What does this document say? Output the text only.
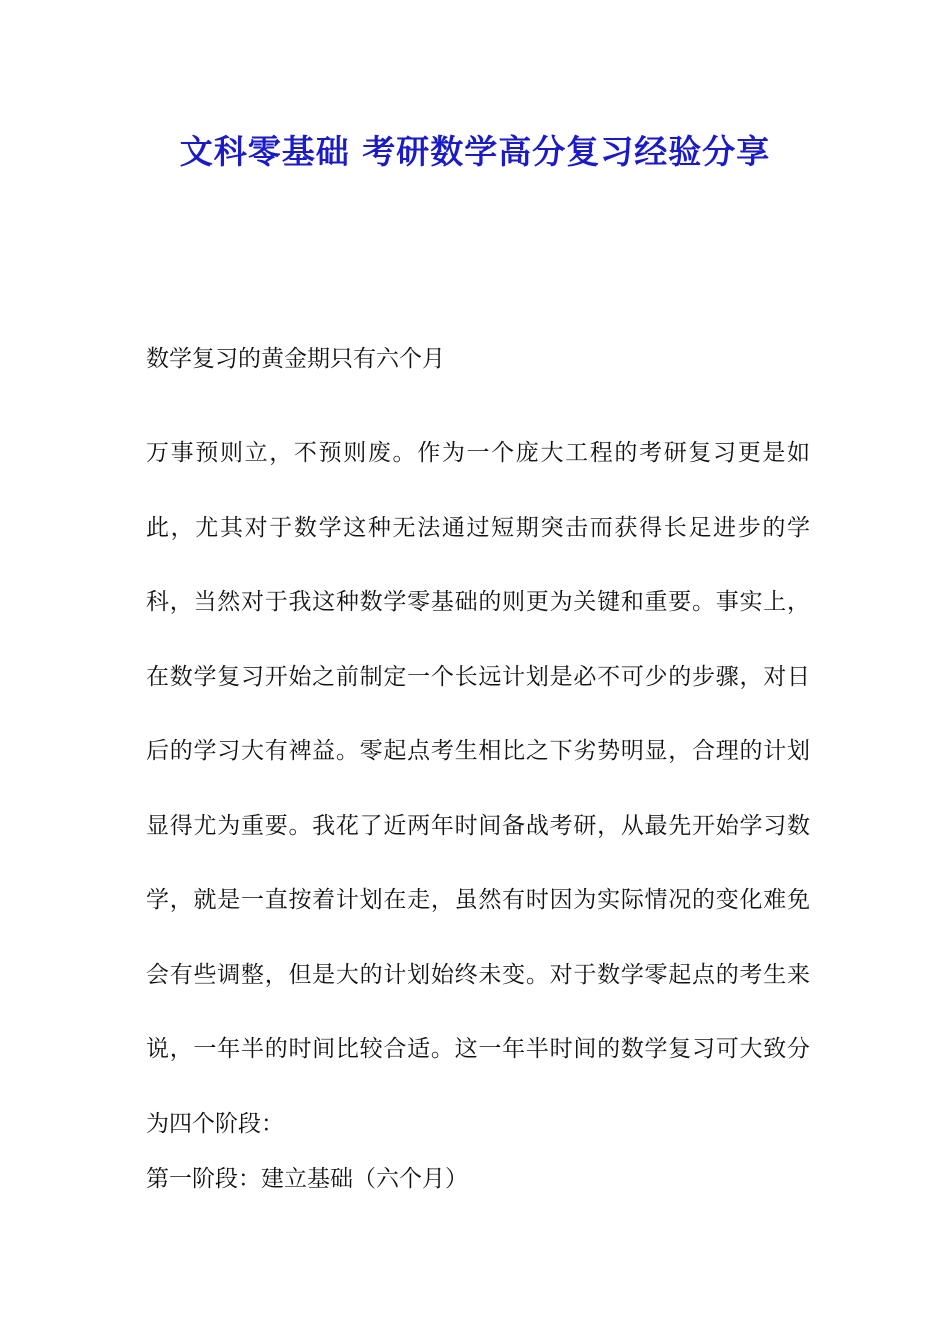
文科零基础 考研数学高分复习经验分享
数学复习的黄金期只有六个月

万事预则立，不预则废。作为一个庞大工程的考研复习更是如此，尤其对于数学这种无法通过短期突击而获得长足进步的学科，当然对于我这种数学零基础的则更为关键和重要。事实上，在数学复习开始之前制定一个长远计划是必不可少的步骤，对日后的学习大有裨益。零起点考生相比之下劣势明显，合理的计划显得尤为重要。我花了近两年时间备战考研，从最先开始学习数学，就是一直按着计划在走，虽然有时因为实际情况的变化难免会有些调整，但是大的计划始终未变。对于数学零起点的考生来说，一年半的时间比较合适。这一年半时间的数学复习可大致分为四个阶段：

第一阶段：建立基础（六个月）
